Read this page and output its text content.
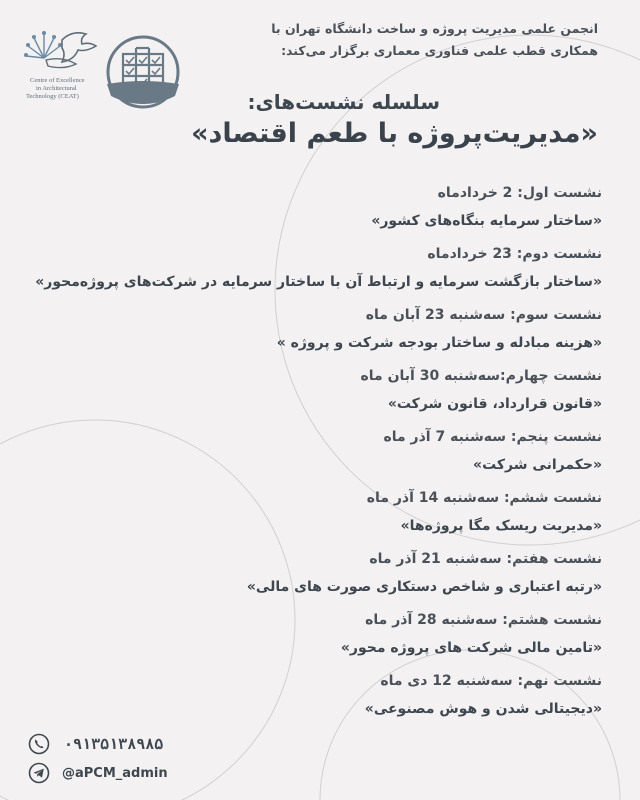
Centre of Excellence
in Architectural
Technology (CEAT)
انجمن علمی مدیریت پروژه و ساخت دانشگاه تهران با
همکاری قطب علمی فناوری معماری برگزار می‌کند:
سلسله نشست‌های:
«مدیریت‌پروژه با طعم اقتصاد»
نشست اول: 2 خردادماه
«ساختار سرمایه بنگاه‌های کشور»
نشست دوم: 23 خردادماه
«ساختار بازگشت سرمایه و ارتباط آن با ساختار سرمایه در شرکت‌های پروژه‌محور»
نشست سوم: سه‌شنبه 23 آبان ماه
«هزینه مبادله و ساختار بودجه شرکت و پروژه »
نشست چهارم:سه‌شنبه 30 آبان ماه
«قانون قرارداد، قانون شرکت»
نشست پنجم: سه‌شنبه 7 آذر ماه
«حکمرانی شرکت»
نشست ششم: سه‌شنبه 14 آذر ماه
«مدیریت ریسک مگا پروژه‌ها»
نشست هفتم: سه‌شنبه 21 آذر ماه
«رتبه اعتباری و شاخص دستکاری صورت های مالی»
نشست هشتم: سه‌شنبه 28 آذر ماه
«تامین مالی شرکت های پروژه محور»
نشست نهم: سه‌شنبه 12 دی ماه
«دیجیتالی شدن و هوش مصنوعی»
۰۹۱۳۵۱۳۸۹۸۵
@aPCM_admin
